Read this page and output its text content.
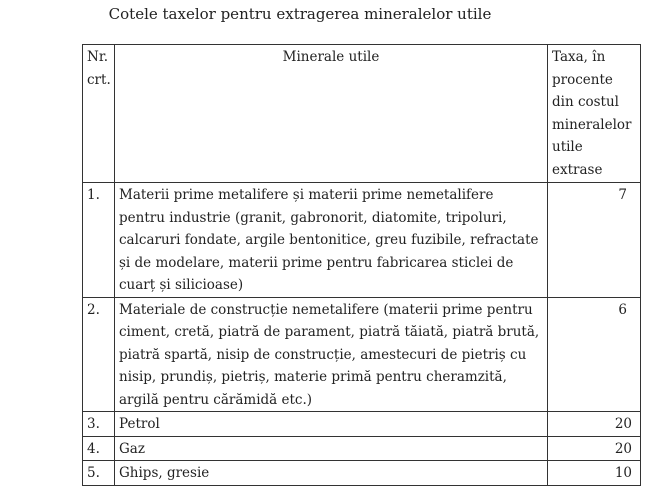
Cotele taxelor pentru extragerea mineralelor utile
Nr. crt.	Minerale utile	Taxa, în procente din costul mineralelor utile extrase
1.	Materii prime metalifere și materii prime nemetalifere pentru industrie (granit, gabronorit, diatomite, tripoluri, calcaruri fondate, argile bentonitice, greu fuzibile, refractate și de modelare, materii prime pentru fabricarea sticlei de cuarț și silicioase)	7
2.	Materiale de construcție nemetalifere (materii prime pentru ciment, cretă, piatră de parament, piatră tăiată, piatră brută, piatră spartă, nisip de construcție, amestecuri de pietriș cu nisip, prundiș, pietriș, materie primă pentru cheramzită, argilă pentru cărămidă etc.)	6
3.	Petrol	20
4.	Gaz	20
5.	Ghips, gresie	10
